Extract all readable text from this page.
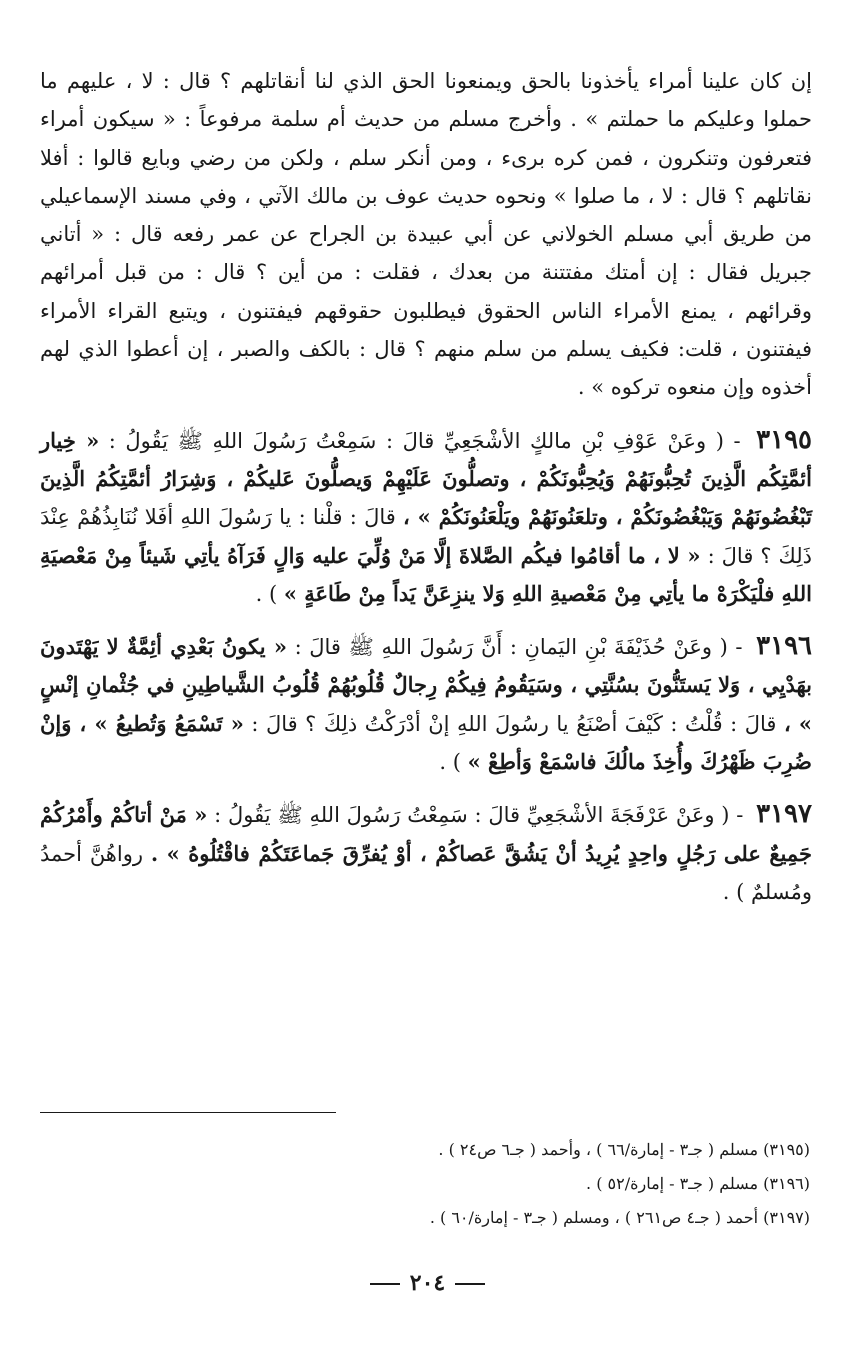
إن كان علينا أمراء يأخذونا بالحق ويمنعونا الحق الذي لنا أنقاتلهم ؟ قال : لا ، عليهم ما حملوا وعليكم ما حملتم » . وأخرج مسلم من حديث أم سلمة مرفوعاً : « سيكون أمراء فتعرفون وتنكرون ، فمن كره برىء ، ومن أنكر سلم ، ولكن من رضي وبايع قالوا : أفلا نقاتلهم ؟ قال : لا ، ما صلوا » ونحوه حديث عوف بن مالك الآتي ، وفي مسند الإسماعيلي من طريق أبي مسلم الخولاني عن أبي عبيدة بن الجراح عن عمر رفعه قال : « أتاني جبريل فقال : إن أمتك مفتتنة من بعدك ، فقلت : من أين ؟ قال : من قبل أمرائهم وقرائهم ، يمنع الأمراء الناس الحقوق فيطلبون حقوقهم فيفتنون ، ويتبع القراء الأمراء فيفتنون ، قلت: فكيف يسلم من سلم منهم ؟ قال : بالكف والصبر ، إن أعطوا الذي لهم أخذوه وإن منعوه تركوه » .

٣١٩٥ - ( وعَنْ عَوْفِ بْنِ مالكٍ الأشْجَعِيِّ قالَ : سَمِعْتُ رَسُولَ اللهِ ﷺ يَقُولُ : « خِيار أئمَّتِكُم الَّذِينَ تُحِبُّونَهُمْ وَيُحِبُّونَكُمْ ، وتصلُّونَ عَلَيْهِمْ وَيصلُّونَ عَليكُمْ ، وَشِرَارُ أئمَّتِكُمُ الَّذِينَ تَبْغُضُونَهُمْ وَيَبْغُضُونَكُمْ ، وتلعَنُونَهُمْ ويَلْعَنُونَكُمْ » ، قالَ : قلْنا : يا رَسُولَ اللهِ أفَلا نُنَابِذُهُمْ عِنْدَ ذَلِكَ ؟ قالَ : « لا ، ما أقامُوا فيكُم الصَّلاةَ إلَّا مَنْ وُلِّيَ عليه وَالٍ فَرَآهُ يأتِي شَيئاً مِنْ مَعْصيَةِ اللهِ فلْيَكْرَهْ ما يأتِي مِنْ مَعْصيةِ اللهِ وَلا ينزِعَنَّ يَداً مِنْ طَاعَةٍ » ) .

٣١٩٦ - ( وعَنْ حُذَيْفَةَ بْنِ اليَمانِ : أَنَّ رَسُولَ اللهِ ﷺ قالَ : « يكونُ بَعْدِي أئِمَّةٌ لا يَهْتَدونَ بهَدْيِي ، وَلا يَستَنُّونَ بسُنَّتِي ، وسَيَقُومُ فِيكُمْ رِجالٌ قُلُوبُهُمْ قُلُوبُ الشَّياطِينِ في جُثْمانِ إنْسٍ » ، قالَ : قُلْتُ : كَيْفَ أصْنَعُ يا رسُولَ اللهِ إنْ أدْرَكْتُ ذلِكَ ؟ قالَ : « تَسْمَعُ وَتُطيعُ » ، وَإنْ ضُرِبَ ظَهْرُكَ وأُخِذَ مالُكَ فاسْمَعْ وَأطِعْ » ) .

٣١٩٧ - ( وعَنْ عَرْفَجَةَ الأشْجَعِيِّ قالَ : سَمِعْتُ رَسُولَ اللهِ ﷺ يَقُولُ : « مَنْ أتاكُمْ وأَمْرُكُمْ جَمِيعٌ على رَجُلٍ واحِدٍ يُرِيدُ أنْ يَشُقَّ عَصاكُمْ ، أوْ يُفرِّقَ جَماعَتَكُمْ فاقْتُلُوهُ » . رواهُنَّ أحمدُ ومُسلمٌ ) .

(٣١٩٥) مسلم ( جـ٣ - إمارة/٦٦ ) ، وأحمد ( جـ٦ ص٢٤ ) .
(٣١٩٦) مسلم ( جـ٣ - إمارة/٥٢ ) .
(٣١٩٧) أحمد ( جـ٤ ص٢٦١ ) ، ومسلم ( جـ٣ - إمارة/٦٠ ) .
٢٠٤
